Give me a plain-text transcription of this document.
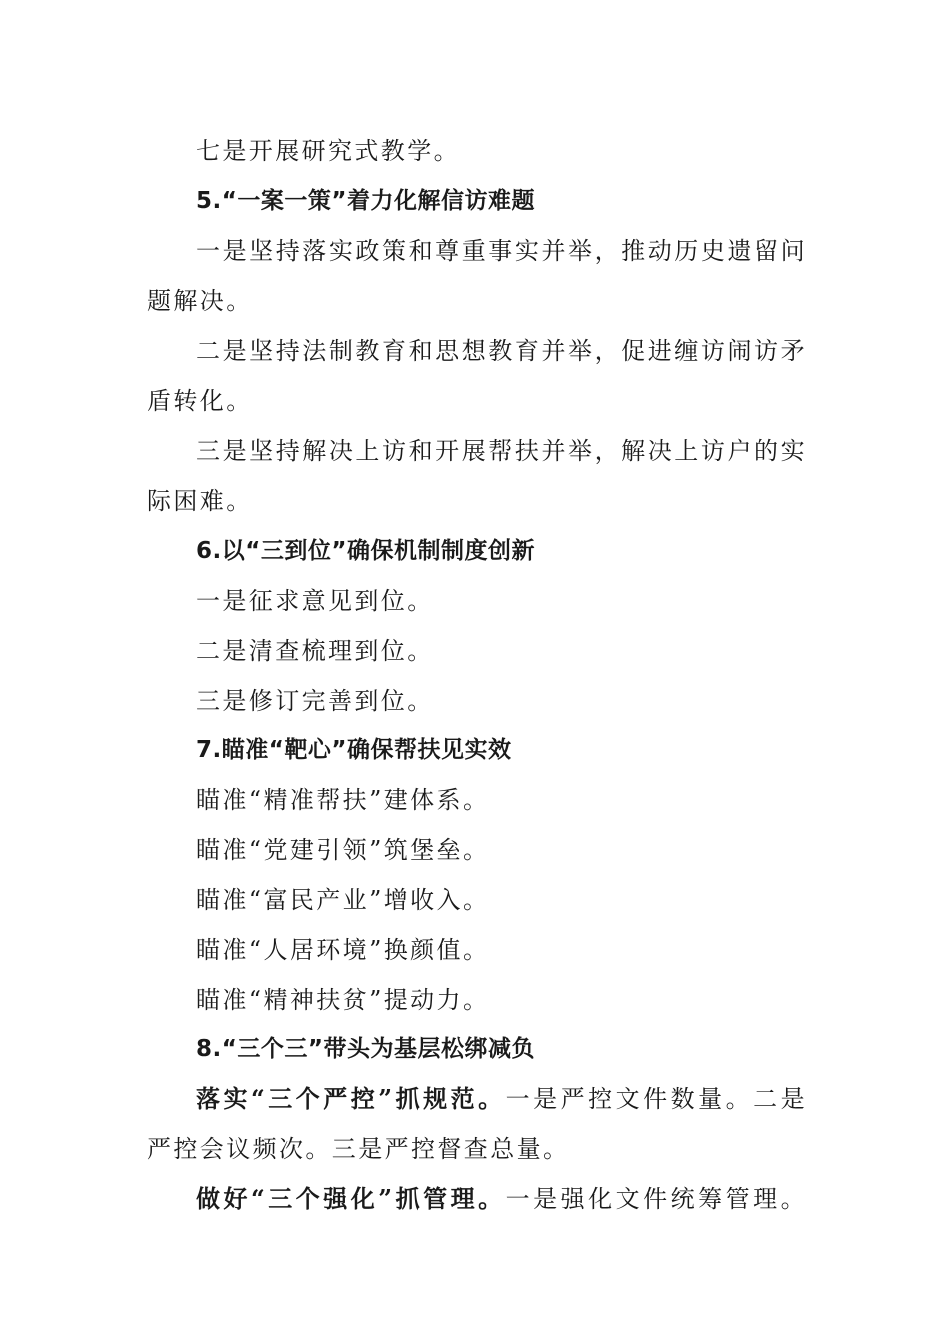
七是开展研究式教学。
5.“一案一策”着力化解信访难题
一是坚持落实政策和尊重事实并举，推动历史遗留问
题解决。
二是坚持法制教育和思想教育并举，促进缠访闹访矛
盾转化。
三是坚持解决上访和开展帮扶并举，解决上访户的实
际困难。
6.以“三到位”确保机制制度创新
一是征求意见到位。
二是清查梳理到位。
三是修订完善到位。
7.瞄准“靶心”确保帮扶见实效
瞄准“精准帮扶”建体系。
瞄准“党建引领”筑堡垒。
瞄准“富民产业”增收入。
瞄准“人居环境”换颜值。
瞄准“精神扶贫”提动力。
8.“三个三”带头为基层松绑减负
落实“三个严控”抓规范。一是严控文件数量。二是
严控会议频次。三是严控督查总量。
做好“三个强化”抓管理。一是强化文件统筹管理。
